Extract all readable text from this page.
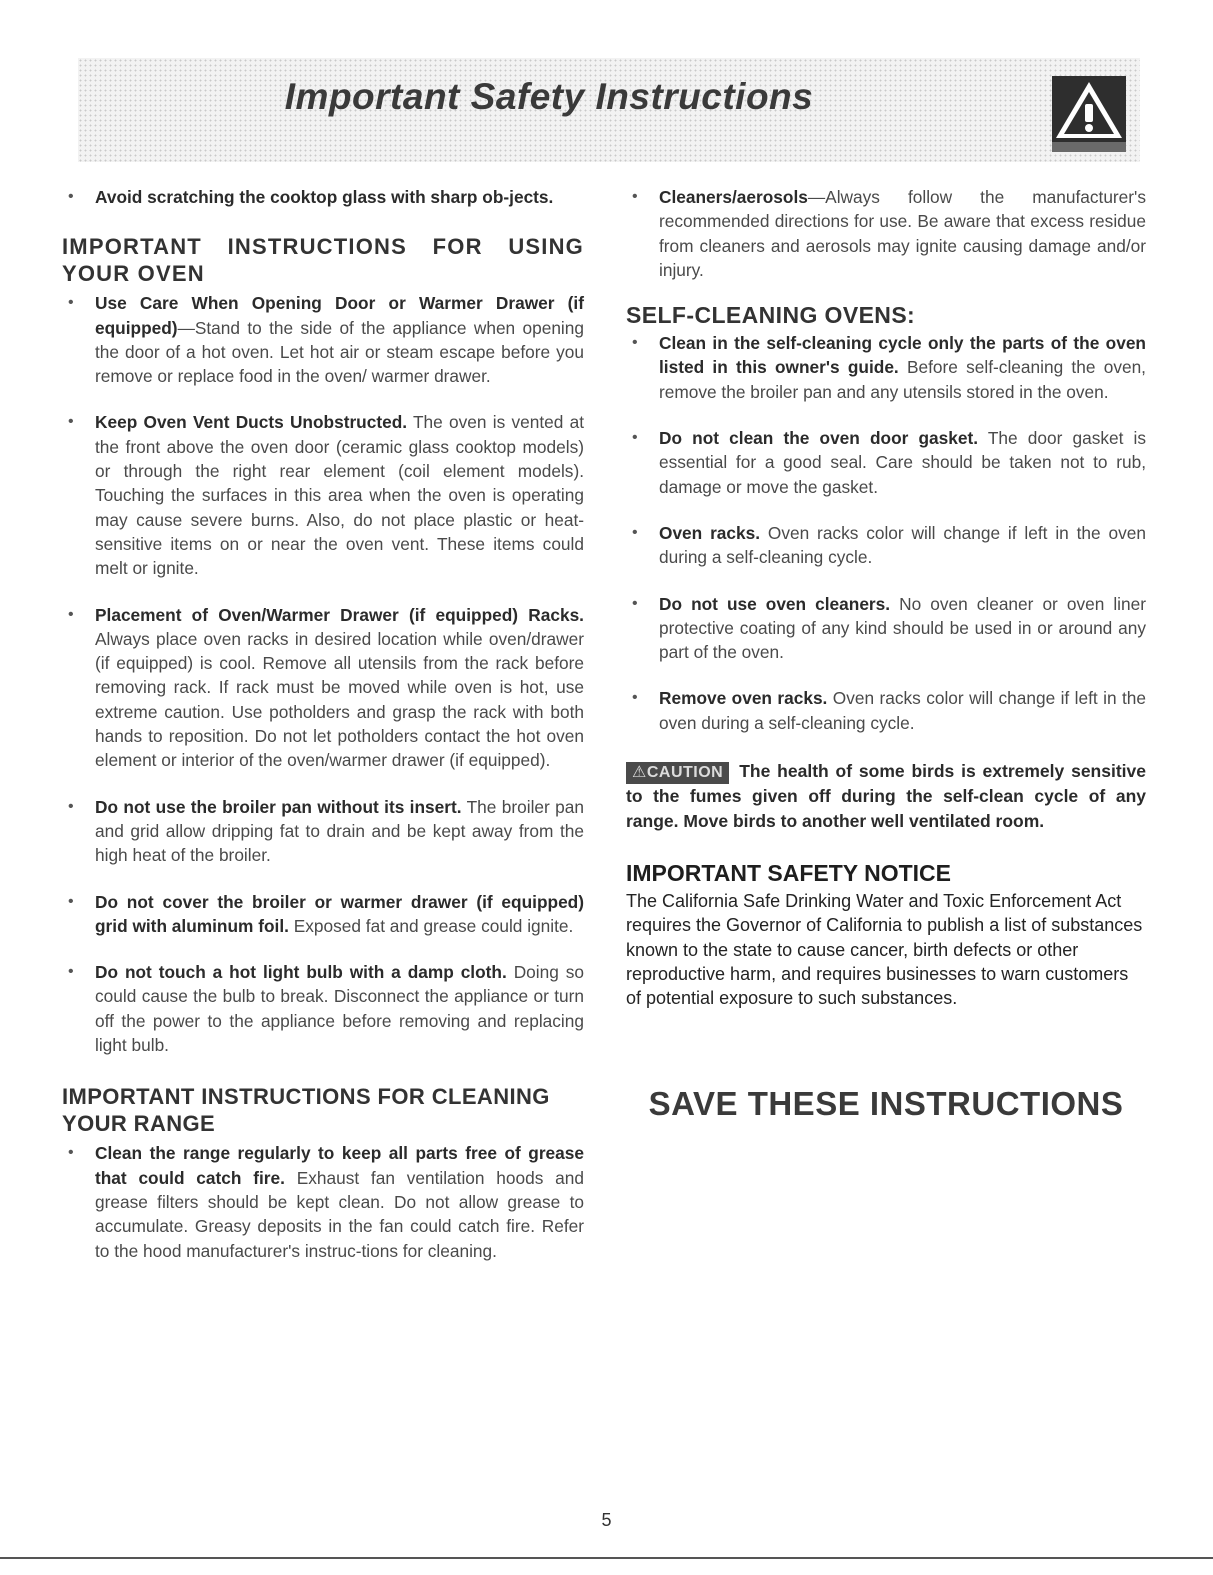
Important Safety Instructions

• Avoid scratching the cooktop glass with sharp ob-jects.

IMPORTANT INSTRUCTIONS FOR USING YOUR OVEN

• Use Care When Opening Door or Warmer Drawer (if equipped)—Stand to the side of the appliance when opening the door of a hot oven. Let hot air or steam escape before you remove or replace food in the oven/ warmer drawer.

• Keep Oven Vent Ducts Unobstructed. The oven is vented at the front above the oven door (ceramic glass cooktop models) or through the right rear element (coil element models). Touching the surfaces in this area when the oven is operating may cause severe burns. Also, do not place plastic or heat-sensitive items on or near the oven vent. These items could melt or ignite.

• Placement of Oven/Warmer Drawer (if equipped) Racks. Always place oven racks in desired location while oven/drawer (if equipped) is cool. Remove all utensils from the rack before removing rack. If rack must be moved while oven is hot, use extreme caution. Use potholders and grasp the rack with both hands to reposition. Do not let potholders contact the hot oven element or interior of the oven/warmer drawer (if equipped).

• Do not use the broiler pan without its insert. The broiler pan and grid allow dripping fat to drain and be kept away from the high heat of the broiler.

• Do not cover the broiler or warmer drawer (if equipped) grid with aluminum foil. Exposed fat and grease could ignite.

• Do not touch a hot light bulb with a damp cloth. Doing so could cause the bulb to break. Disconnect the appliance or turn off the power to the appliance before removing and replacing light bulb.

IMPORTANT INSTRUCTIONS FOR CLEANING YOUR RANGE

• Clean the range regularly to keep all parts free of grease that could catch fire. Exhaust fan ventilation hoods and grease filters should be kept clean. Do not allow grease to accumulate. Greasy deposits in the fan could catch fire. Refer to the hood manufacturer's instruc-tions for cleaning.

• Cleaners/aerosols—Always follow the manufacturer's recommended directions for use. Be aware that excess residue from cleaners and aerosols may ignite causing damage and/or injury.

SELF-CLEANING OVENS:

• Clean in the self-cleaning cycle only the parts of the oven listed in this owner's guide. Before self-cleaning the oven, remove the broiler pan and any utensils stored in the oven.

• Do not clean the oven door gasket. The door gasket is essential for a good seal. Care should be taken not to rub, damage or move the gasket.

• Oven racks. Oven racks color will change if left in the oven during a self-cleaning cycle.

• Do not use oven cleaners. No oven cleaner or oven liner protective coating of any kind should be used in or around any part of the oven.

• Remove oven racks. Oven racks color will change if left in the oven during a self-cleaning cycle.

⚠CAUTION The health of some birds is extremely sensitive to the fumes given off during the self-clean cycle of any range. Move birds to another well ventilated room.

IMPORTANT SAFETY NOTICE

The California Safe Drinking Water and Toxic Enforcement Act requires the Governor of California to publish a list of substances known to the state to cause cancer, birth defects or other reproductive harm, and requires businesses to warn customers of potential exposure to such substances.

SAVE THESE INSTRUCTIONS

5
